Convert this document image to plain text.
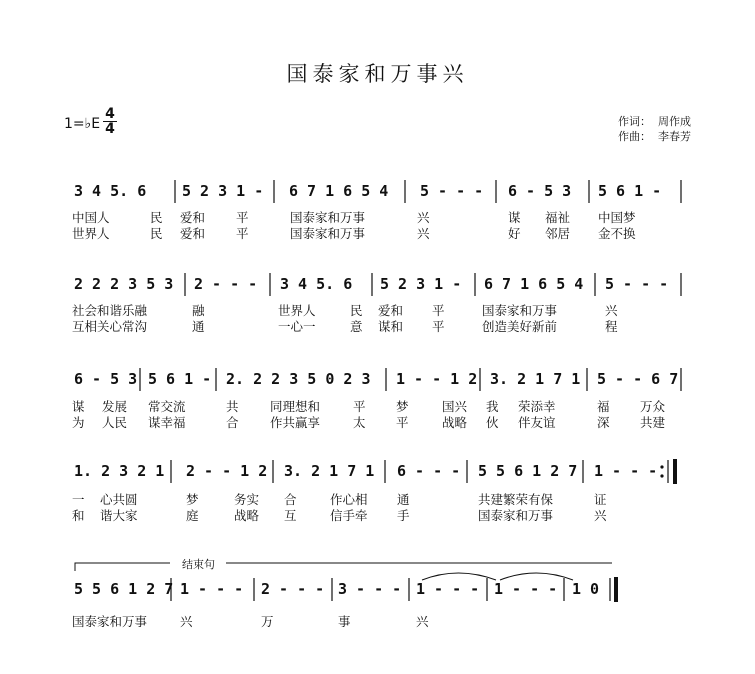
国泰家和万事兴
1=♭E $\frac{4}{4}$	作词：  周作成
作曲：  李春芳
结束句
3 4 5. 6 5 2 3 1 - 6 7 1 6 5 4 5 - - - 6 - 5 3 5 6 1 -
中国人	民 爱和 平	国泰家和万事	兴	谋 福祉 中国梦
世界人	民 爱和 平	国泰家和万事	兴	好 邻居 金不换
2 2 2 3 5 3 2 - - - 3 4 5. 6 5 2 3 1 - 6 7 1 6 5 4 5 - - -
社会和谐乐融	融	世界人	民 爱和 平	国泰家和万事	兴
互相关心常沟	通	一心一	意 谋和 平	创造美好新前	程
6 - 5 3 5 6 1 - 2. 2 2 3 5 0 2 3 1 - - 1 2 3. 2 1 7 1 5 - - 6 7
谋 发展 常交流	共	同理想和	平 梦	国兴 我 荣添幸	福 万众
为 人民 谋幸福	合	作共赢享	太 平	战略 伙 伴友谊	深 共建
1. 2 3 2 1 2 - - 1 2 3. 2 1 7 1 6 - - - 5 5 6 1 2 7 1 - - -
一 心共圆	梦	务实 合	作心相 通	共建繁荣有保	证
和 谐大家	庭	战略 互	信手牵 手	国泰家和万事	兴
5 5 6 1 2 7 1 - - - 2 - - - 3 - - - 1 - - - 1 - - - 1 0
国泰家和万事	兴	万	事	兴
